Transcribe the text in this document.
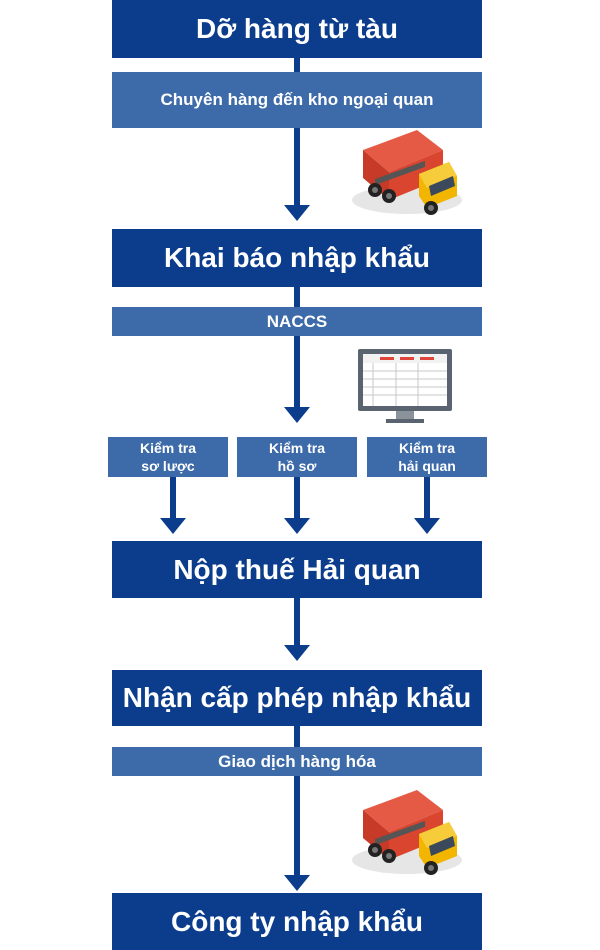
Dỡ hàng từ tàu
Chuyên hàng đến kho ngoại quan
Khai báo nhập khẩu
NACCS
Kiểm tra
sơ lược
Kiểm tra
hồ sơ
Kiểm tra
hải quan
Nộp thuế Hải quan
Nhận cấp phép nhập khẩu
Giao dịch hàng hóa
Công ty nhập khẩu
